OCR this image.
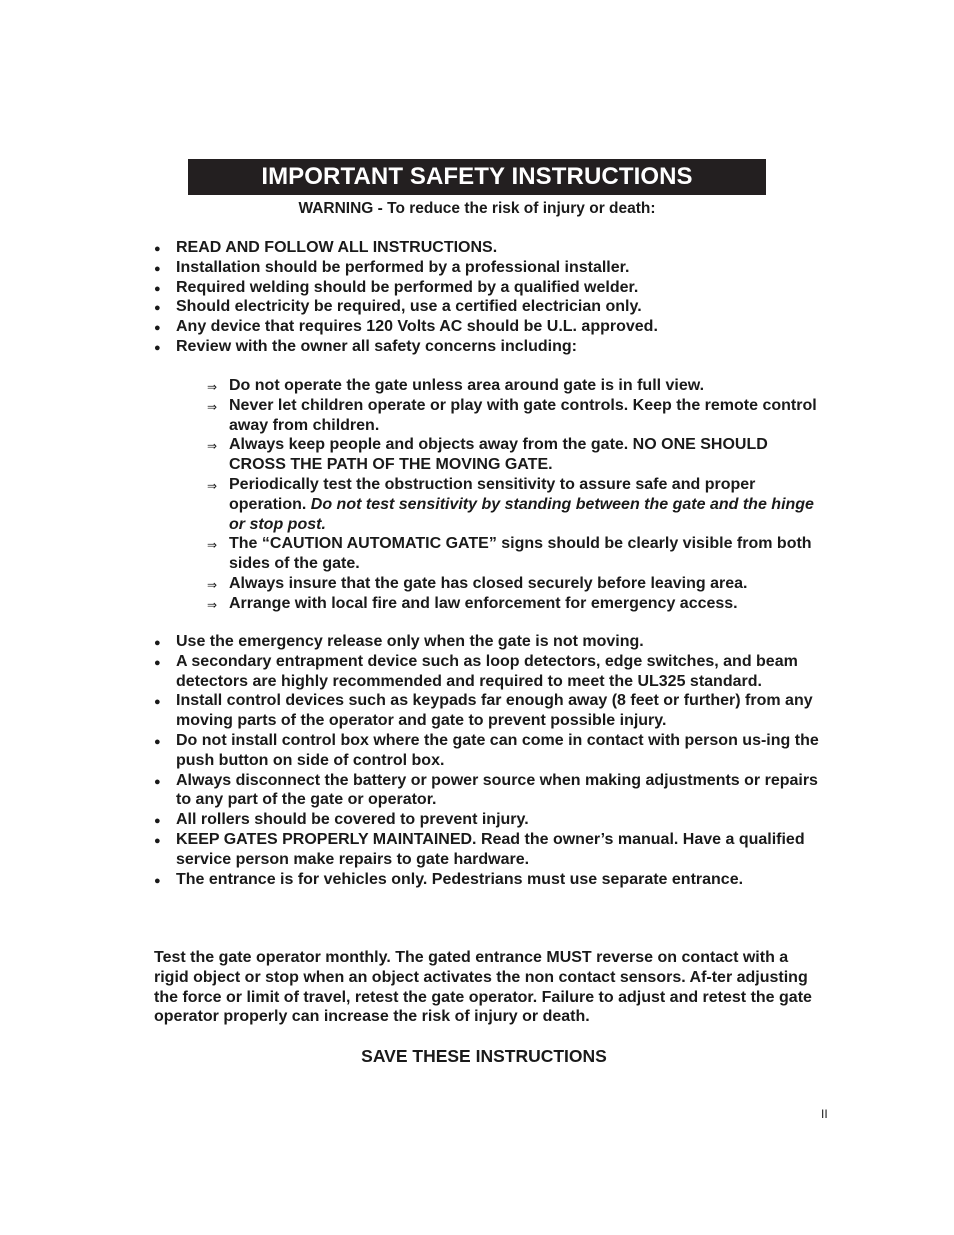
IMPORTANT SAFETY INSTRUCTIONS
WARNING - To reduce the risk of injury or death:
● READ AND FOLLOW ALL INSTRUCTIONS.
● Installation should be performed by a professional installer.
● Required welding should be performed by a qualified welder.
● Should electricity be required, use a certified electrician only.
● Any device that requires 120 Volts AC should be U.L. approved.
● Review with the owner all safety concerns including:
⇒ Do not operate the gate unless area around gate is in full view.
⇒ Never let children operate or play with gate controls. Keep the remote control away from children.
⇒ Always keep people and objects away from the gate. NO ONE SHOULD CROSS THE PATH OF THE MOVING GATE.
⇒ Periodically test the obstruction sensitivity to assure safe and proper operation. Do not test sensitivity by standing between the gate and the hinge or stop post.
⇒ The “CAUTION AUTOMATIC GATE” signs should be clearly visible from both sides of the gate.
⇒ Always insure that the gate has closed securely before leaving area.
⇒ Arrange with local fire and law enforcement for emergency access.
● Use the emergency release only when the gate is not moving.
● A secondary entrapment device such as loop detectors, edge switches, and beam detectors are highly recommended and required to meet the UL325 standard.
● Install control devices such as keypads far enough away (8 feet or further) from any moving parts of the operator and gate to prevent possible injury.
● Do not install control box where the gate can come in contact with person us-ing the push button on side of control box.
● Always disconnect the battery or power source when making adjustments or repairs to any part of the gate or operator.
● All rollers should be covered to prevent injury.
● KEEP GATES PROPERLY MAINTAINED. Read the owner’s manual. Have a qualified service person make repairs to gate hardware.
● The entrance is for vehicles only. Pedestrians must use separate entrance.
Test the gate operator monthly. The gated entrance MUST reverse on contact with a rigid object or stop when an object activates the non contact sensors. Af-ter adjusting the force or limit of travel, retest the gate operator. Failure to adjust and retest the gate operator properly can increase the risk of injury or death.
SAVE THESE INSTRUCTIONS
II
